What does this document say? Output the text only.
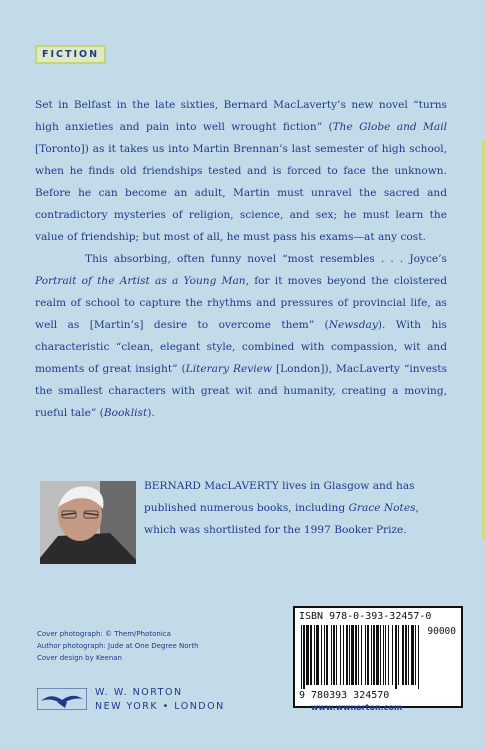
FICTION

Set in Belfast in the late sixties, Bernard MacLaverty’s new novel “turns high anxieties and pain into well wrought fiction” (The Globe and Mail [Toronto]) as it takes us into Martin Brennan’s last semester of high school, when he finds old friendships tested and is forced to face the unknown. Before he can become an adult, Martin must unravel the sacred and contradictory mysteries of religion, science, and sex; he must learn the value of friendship; but most of all, he must pass his exams—at any cost.

This absorbing, often funny novel “most resembles . . . Joyce’s Portrait of the Artist as a Young Man, for it moves beyond the cloistered realm of school to capture the rhythms and pressures of provincial life, as well as [Martin’s] desire to overcome them” (Newsday). With his characteristic “clean, elegant style, combined with compassion, wit and moments of great insight” (Literary Review [London]), MacLaverty “invests the smallest characters with great wit and humanity, creating a moving, rueful tale” (Booklist).

BERNARD MacLAVERTY lives in Glasgow and has published numerous books, including Grace Notes, which was shortlisted for the 1997 Booker Prize.

Cover photograph: © Them/Photonica
Author photograph: Jude at One Degree North
Cover design by Keenan
W. W. NORTON
NEW YORK • LONDON
ISBN 978-0-393-32457-0
90000
9 780393 324570
www.wwnorton.com
